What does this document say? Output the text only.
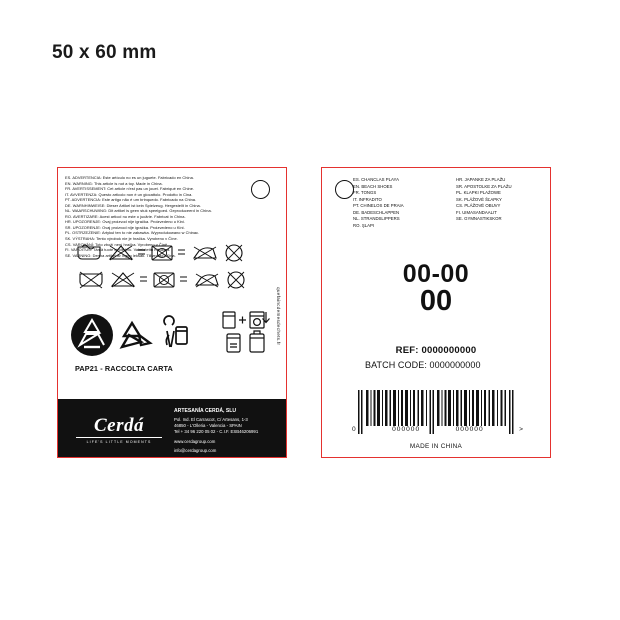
50 x 60 mm
ES. ADVERTENCIA: Este artículo no es un juguete. Fabricado en China.
EN. WARNING: This article is not a toy. Made in China.
FR. AVERTISSEMENT: Cet article n'est pas un jouet. Fabriqué en Chine.
IT. AVVERTENZA: Questo articolo non è un giocattolo. Prodotto in Cina.
PT. ADVERTENCIA: Este artigo não é um brinquedo. Fabricado na China.
DE. WARNHINWEISE: Dieser Artikel ist kein Spielzeug. Hergestellt in China.
NL. WAARSCHUWING: Dit artikel is geen stuk speelgoed. Geproduceerd in China.
RO. AVERTIZARE: Acest articol nu este o jucărie. Fabricat in China.
HR. UPOZORENJE: Ovaj proizvod nije igračka. Proizvedeno u Kini.
SR. UPOZORENJE: Ovaj proizvod nije igračka. Proizvedeno u Kini.
PL. OSTRZEŻENIE: Artykuł ten to nie zabawka. Wyprodukowano w Chinac.
SK. VÝSTRAHA: Tento výrobok nie je hračka. Vyrobeno v Číne.
CS. VAROVÁNÍ: Toto zboží není hračka. Vyrobeno v Číně.
FI. VAROITUS: Tämä tuote ei ole lelu. Valmistettu Kiinassa.
SE. VARNING: Denna artikel är ingen leksak. Tillverkad i Kina.
quefaincdemesdechets.fr
PAP21 - RACCOLTA CARTA
Cerdá
LIFE'S LITTLE MOMENTS
ARTESANÍA CERDÁ, SLU
Pol. Ind. El Carrascot, C/ Artesans, 1-3
46850 - L'Olleria - Valencia - SPAIN
Tel + 34 96 220 05 02 - C.I.F. ESB46206991
www.cerdagroup.com
info@cerdagroup.com
ES. CHANCLAS PLAYA
EN. BEACH SHOES
FR. TONGS
IT. INFRADITO
PT. CHINELOS DE PRAIA
DE. BADESCHLAPPEN
NL. STRANDSLIPPERS
RO. ŞLAPI
HR. JAPANKE ZA PLAŽU
SR. APOSTOLKE ZA PLAŽU
PL. KLAPKI PLAŻOWE
SK. PLÁŽOVÉ ŠĽAPKY
CS. PLÁŽOVÉ OBUVY
FI. UIMASANDAALIT
SE. GYMNASTIKSKOR
00-00
00
REF: 0000000000
BATCH CODE: 0000000000
0	000000	000000	>
MADE IN CHINA
